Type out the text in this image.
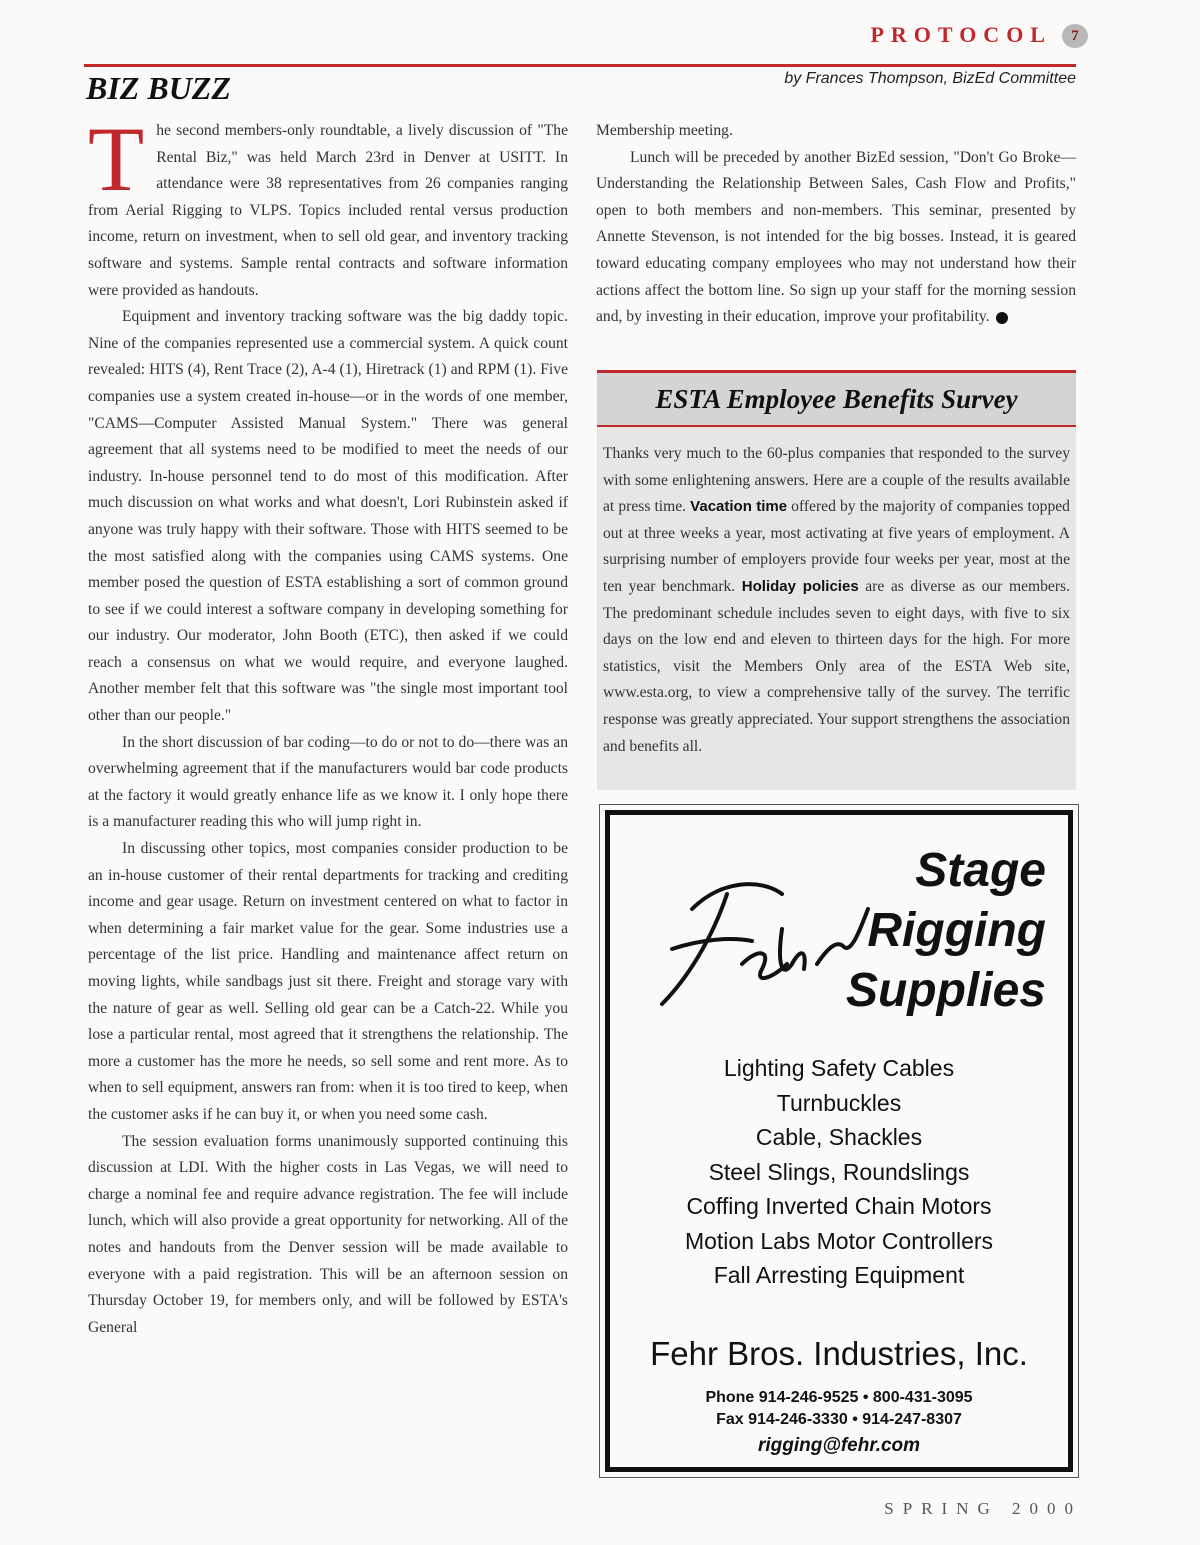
PROTOCOL	7
BIZ BUZZ	by Frances Thompson, BizEd Committee

The second members-only roundtable, a lively discussion of "The Rental Biz," was held March 23rd in Denver at USITT. In attendance were 38 representatives from 26 companies ranging from Aerial Rigging to VLPS. Topics included rental versus production income, return on investment, when to sell old gear, and inventory tracking software and systems. Sample rental contracts and software information were provided as handouts.

Equipment and inventory tracking software was the big daddy topic. Nine of the companies represented use a commercial system. A quick count revealed: HITS (4), Rent Trace (2), A-4 (1), Hiretrack (1) and RPM (1). Five companies use a system created in-house—or in the words of one member, "CAMS—Computer Assisted Manual System." There was general agreement that all systems need to be modified to meet the needs of our industry. In-house personnel tend to do most of this modification. After much discussion on what works and what doesn't, Lori Rubinstein asked if anyone was truly happy with their software. Those with HITS seemed to be the most satisfied along with the companies using CAMS systems. One member posed the question of ESTA establishing a sort of common ground to see if we could interest a software company in developing something for our industry. Our moderator, John Booth (ETC), then asked if we could reach a consensus on what we would require, and everyone laughed. Another member felt that this software was "the single most important tool other than our people."

In the short discussion of bar coding—to do or not to do—there was an overwhelming agreement that if the manufacturers would bar code products at the factory it would greatly enhance life as we know it. I only hope there is a manufacturer reading this who will jump right in.

In discussing other topics, most companies consider production to be an in-house customer of their rental departments for tracking and crediting income and gear usage. Return on investment centered on what to factor in when determining a fair market value for the gear. Some industries use a percentage of the list price. Handling and maintenance affect return on moving lights, while sandbags just sit there. Freight and storage vary with the nature of gear as well. Selling old gear can be a Catch-22. While you lose a particular rental, most agreed that it strengthens the relationship. The more a customer has the more he needs, so sell some and rent more. As to when to sell equipment, answers ran from: when it is too tired to keep, when the customer asks if he can buy it, or when you need some cash.

The session evaluation forms unanimously supported continuing this discussion at LDI. With the higher costs in Las Vegas, we will need to charge a nominal fee and require advance registration. The fee will include lunch, which will also provide a great opportunity for networking. All of the notes and handouts from the Denver session will be made available to everyone with a paid registration. This will be an afternoon session on Thursday October 19, for members only, and will be followed by ESTA's General

Membership meeting.

Lunch will be preceded by another BizEd session, "Don't Go Broke—Understanding the Relationship Between Sales, Cash Flow and Profits," open to both members and non-members. This seminar, presented by Annette Stevenson, is not intended for the big bosses. Instead, it is geared toward educating company employees who may not understand how their actions affect the bottom line. So sign up your staff for the morning session and, by investing in their education, improve your profitability.

ESTA Employee Benefits Survey
Thanks very much to the 60-plus companies that responded to the survey with some enlightening answers. Here are a couple of the results available at press time. Vacation time offered by the majority of companies topped out at three weeks a year, most activating at five years of employment. A surprising number of employers provide four weeks per year, most at the ten year benchmark. Holiday policies are as diverse as our members. The predominant schedule includes seven to eight days, with five to six days on the low end and eleven to thirteen days for the high. For more statistics, visit the Members Only area of the ESTA Web site, www.esta.org, to view a comprehensive tally of the survey. The terrific response was greatly appreciated. Your support strengthens the association and benefits all.
Stage
Rigging
Supplies
Lighting Safety Cables
Turnbuckles
Cable, Shackles
Steel Slings, Roundslings
Coffing Inverted Chain Motors
Motion Labs Motor Controllers
Fall Arresting Equipment
Fehr Bros. Industries, Inc.
Phone 914-246-9525 • 800-431-3095
Fax 914-246-3330 • 914-247-8307
rigging@fehr.com
SPRING 2000
